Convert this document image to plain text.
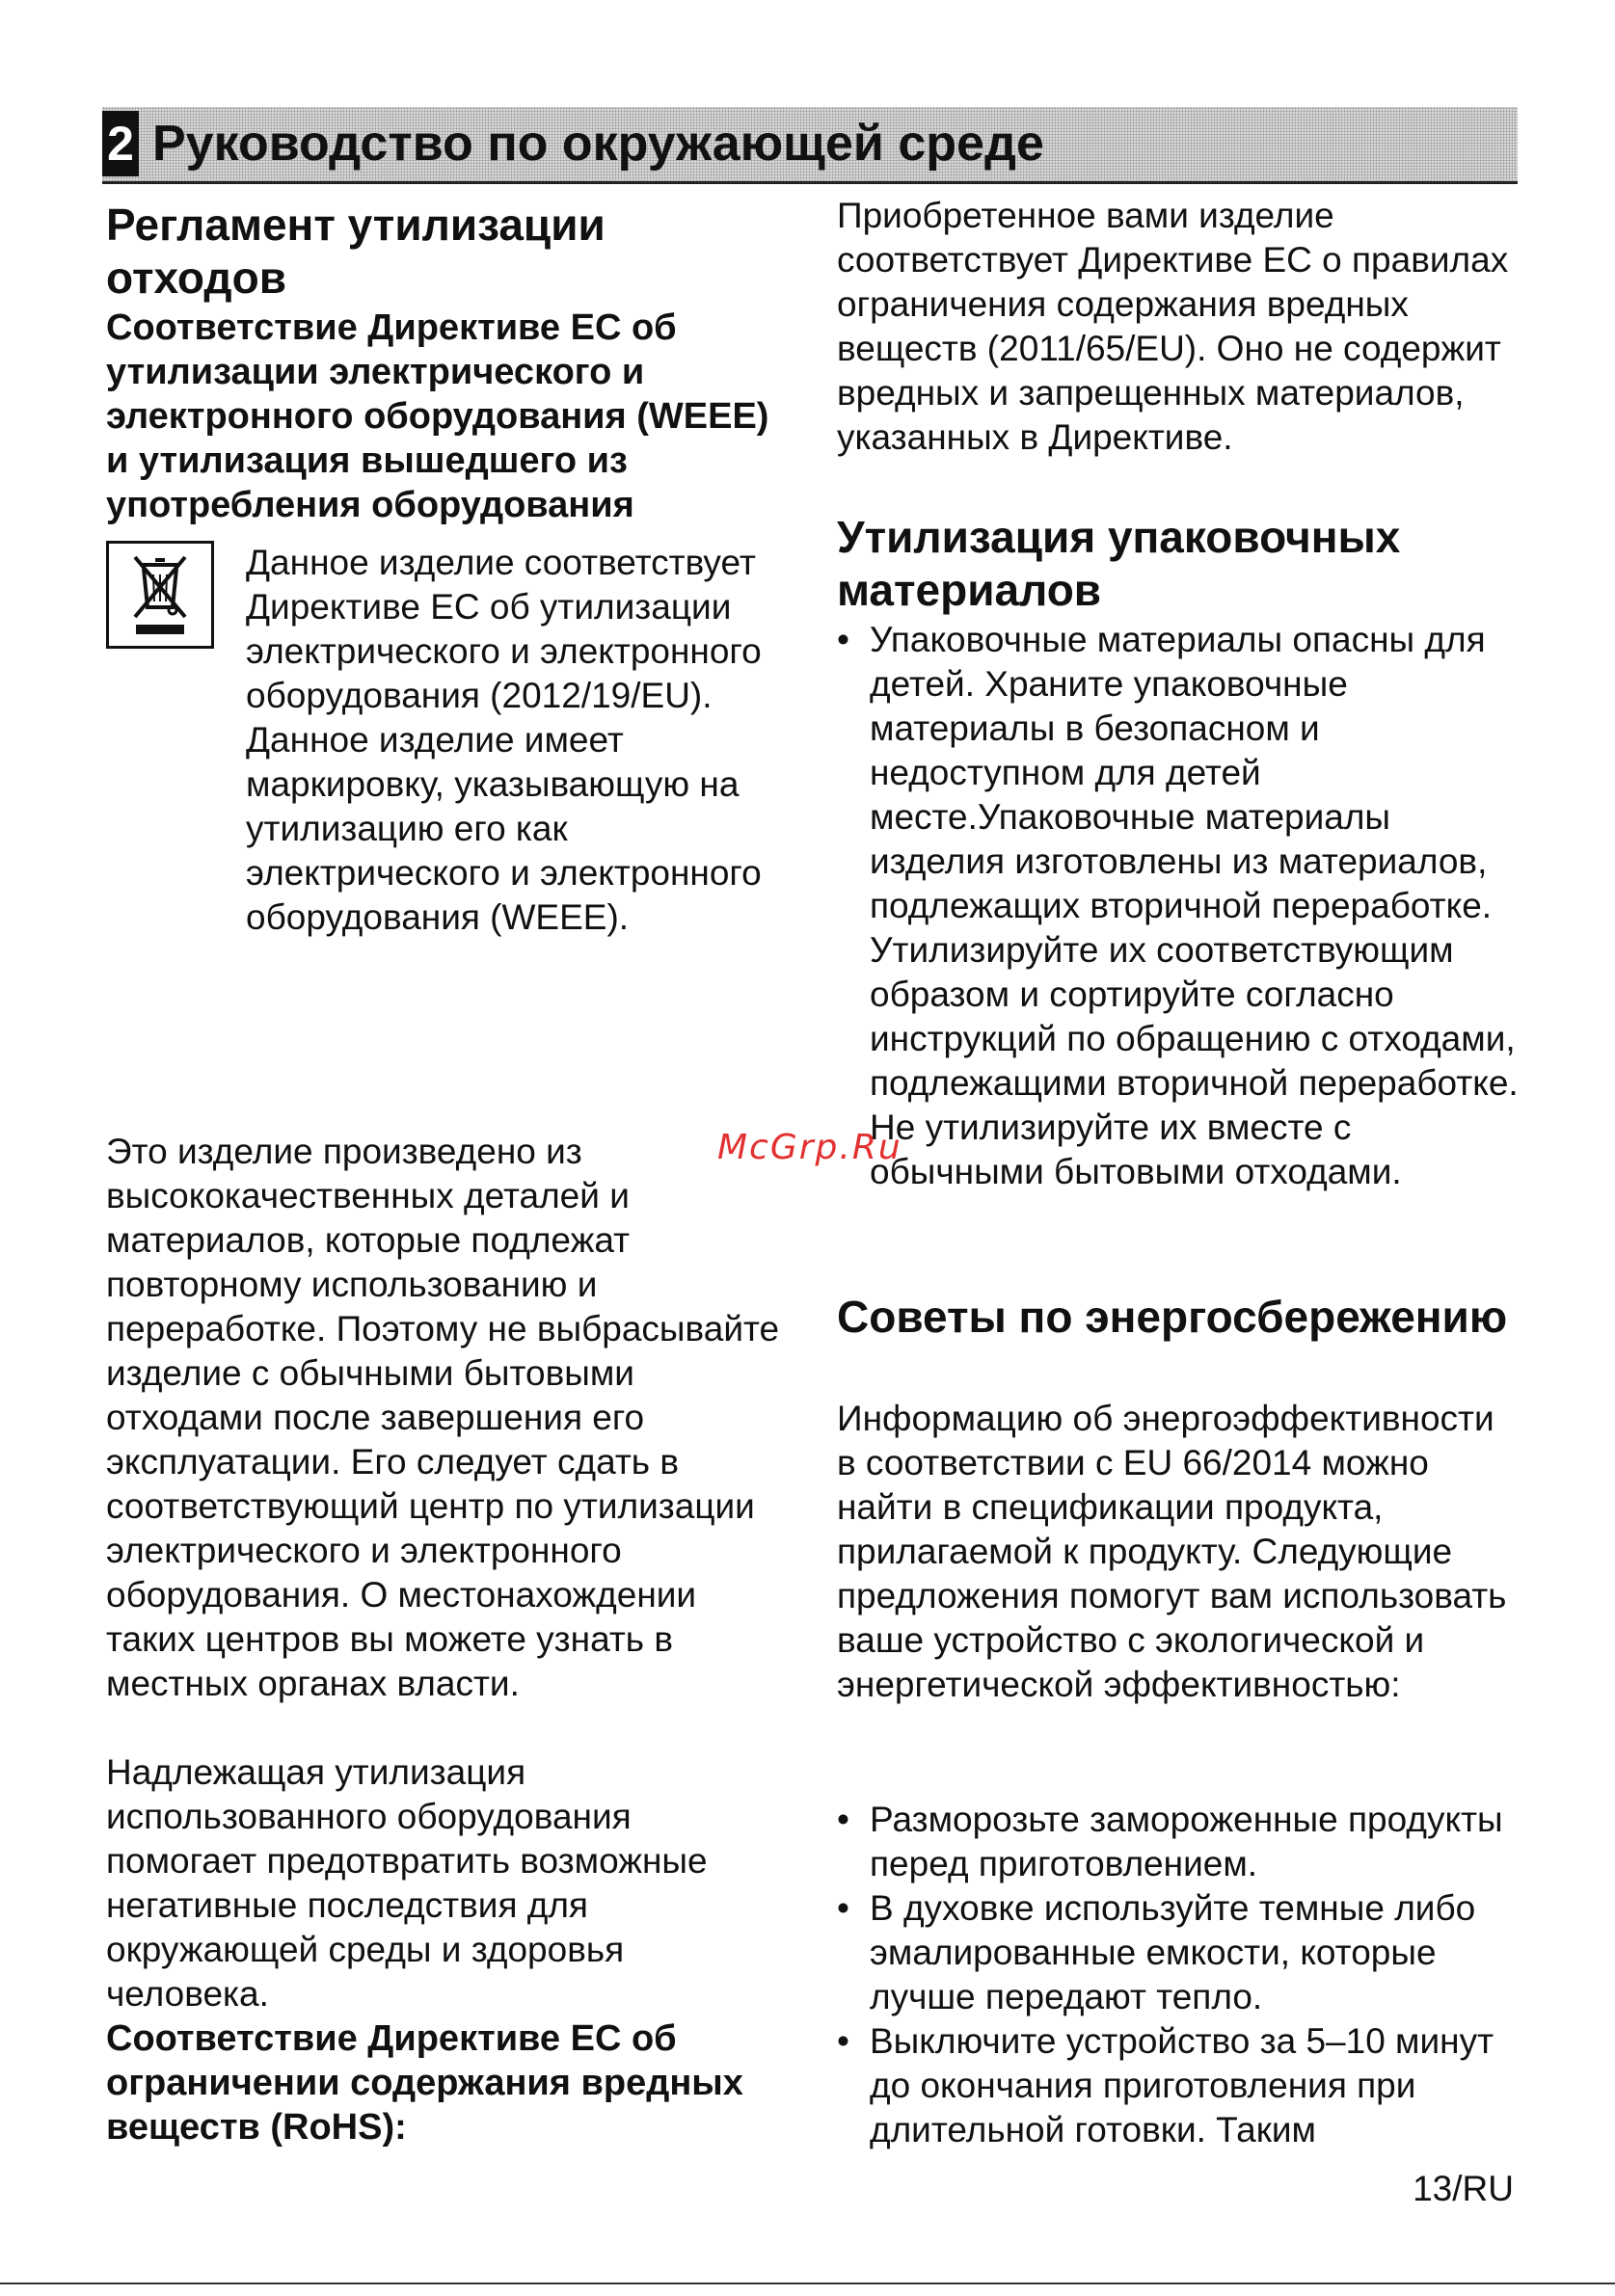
2 Руководство по окружающей среде
Регламент утилизации отходов

Соответствие Директиве ЕС об утилизации электрического и электронного оборудования (WEEE) и утилизация вышедшего из употребления оборудования

Данное изделие соответствует Директиве ЕС об утилизации электрического и электронного оборудования (2012/19/EU). Данное изделие имеет маркировку, указывающую на утилизацию его как электрического и электронного оборудования (WEEE).

Это изделие произведено из высококачественных деталей и материалов, которые подлежат повторному использованию и переработке. Поэтому не выбрасывайте изделие с обычными бытовыми отходами после завершения его эксплуатации. Его следует сдать в соответствующий центр по утилизации электрического и электронного оборудования. О местонахождении таких центров вы можете узнать в местных органах власти.

Надлежащая утилизация использованного оборудования помогает предотвратить возможные негативные последствия для окружающей среды и здоровья человека.

Соответствие Директиве ЕС об ограничении содержания вредных веществ (RoHS):

Приобретенное вами изделие соответствует Директиве ЕС о правилах ограничения содержания вредных веществ (2011/65/EU). Оно не содержит вредных и запрещенных материалов, указанных в Директиве.

Утилизация упаковочных материалов
• Упаковочные материалы опасны для детей. Храните упаковочные материалы в безопасном и недоступном для детей месте.Упаковочные материалы изделия изготовлены из материалов, подлежащих вторичной переработке. Утилизируйте их соответствующим образом и сортируйте согласно инструкций по обращению с отходами, подлежащими вторичной переработке. Не утилизируйте их вместе с обычными бытовыми отходами.
Советы по энергосбережению

Информацию об энергоэффективности в соответствии с EU 66/2014 можно найти в спецификации продукта, прилагаемой к продукту. Следующие предложения помогут вам использовать ваше устройство с экологической и энергетической эффективностью:

• Разморозьте замороженные продукты перед приготовлением.
• В духовке используйте темные либо эмалированные емкости, которые лучше передают тепло.
• Выключите устройство за 5–10 минут до окончания приготовления при длительной готовки. Таким
McGrp.Ru
13/RU
